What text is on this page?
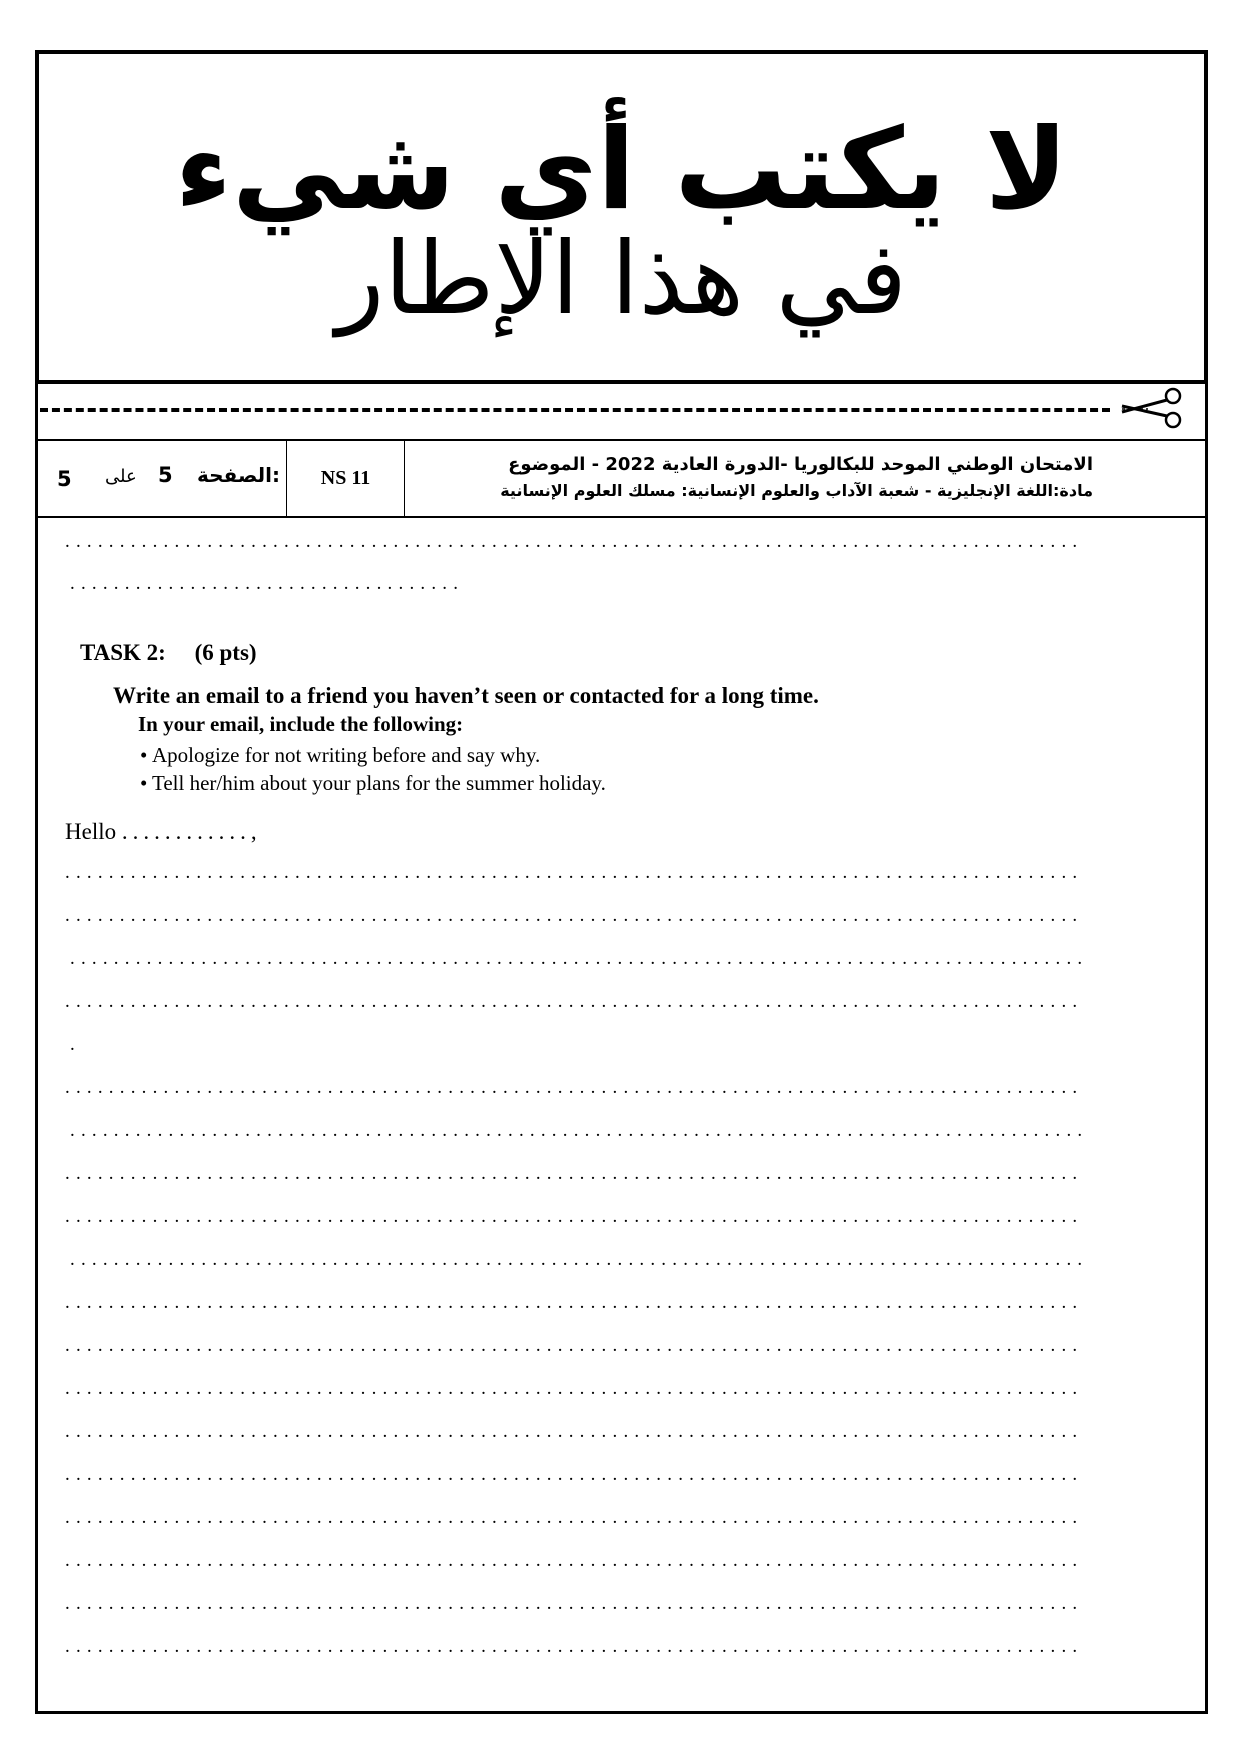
لا يكتب أي شيء
في هذا الإطار
5 على 5 الصفحة:	NS 11
الامتحان الوطني الموحد للبكالوريا -الدورة العادية 2022 - الموضوع
مادة:اللغة الإنجليزية - شعبة الآداب والعلوم الإنسانية: مسلك العلوم الإنسانية
.............................................................................................
....................................
TASK 2: (6 pts)
Write an email to a friend you haven’t seen or contacted for a long time.
In your email, include the following:
• Apologize for not writing before and say why.
• Tell her/him about your plans for the summer holiday.
Hello ............,
.............................................................................................
.............................................................................................
.............................................................................................
.............................................................................................
.
.............................................................................................
.............................................................................................
.............................................................................................
.............................................................................................
.............................................................................................
.............................................................................................
.............................................................................................
.............................................................................................
.............................................................................................
.............................................................................................
.............................................................................................
.............................................................................................
.............................................................................................
.............................................................................................
